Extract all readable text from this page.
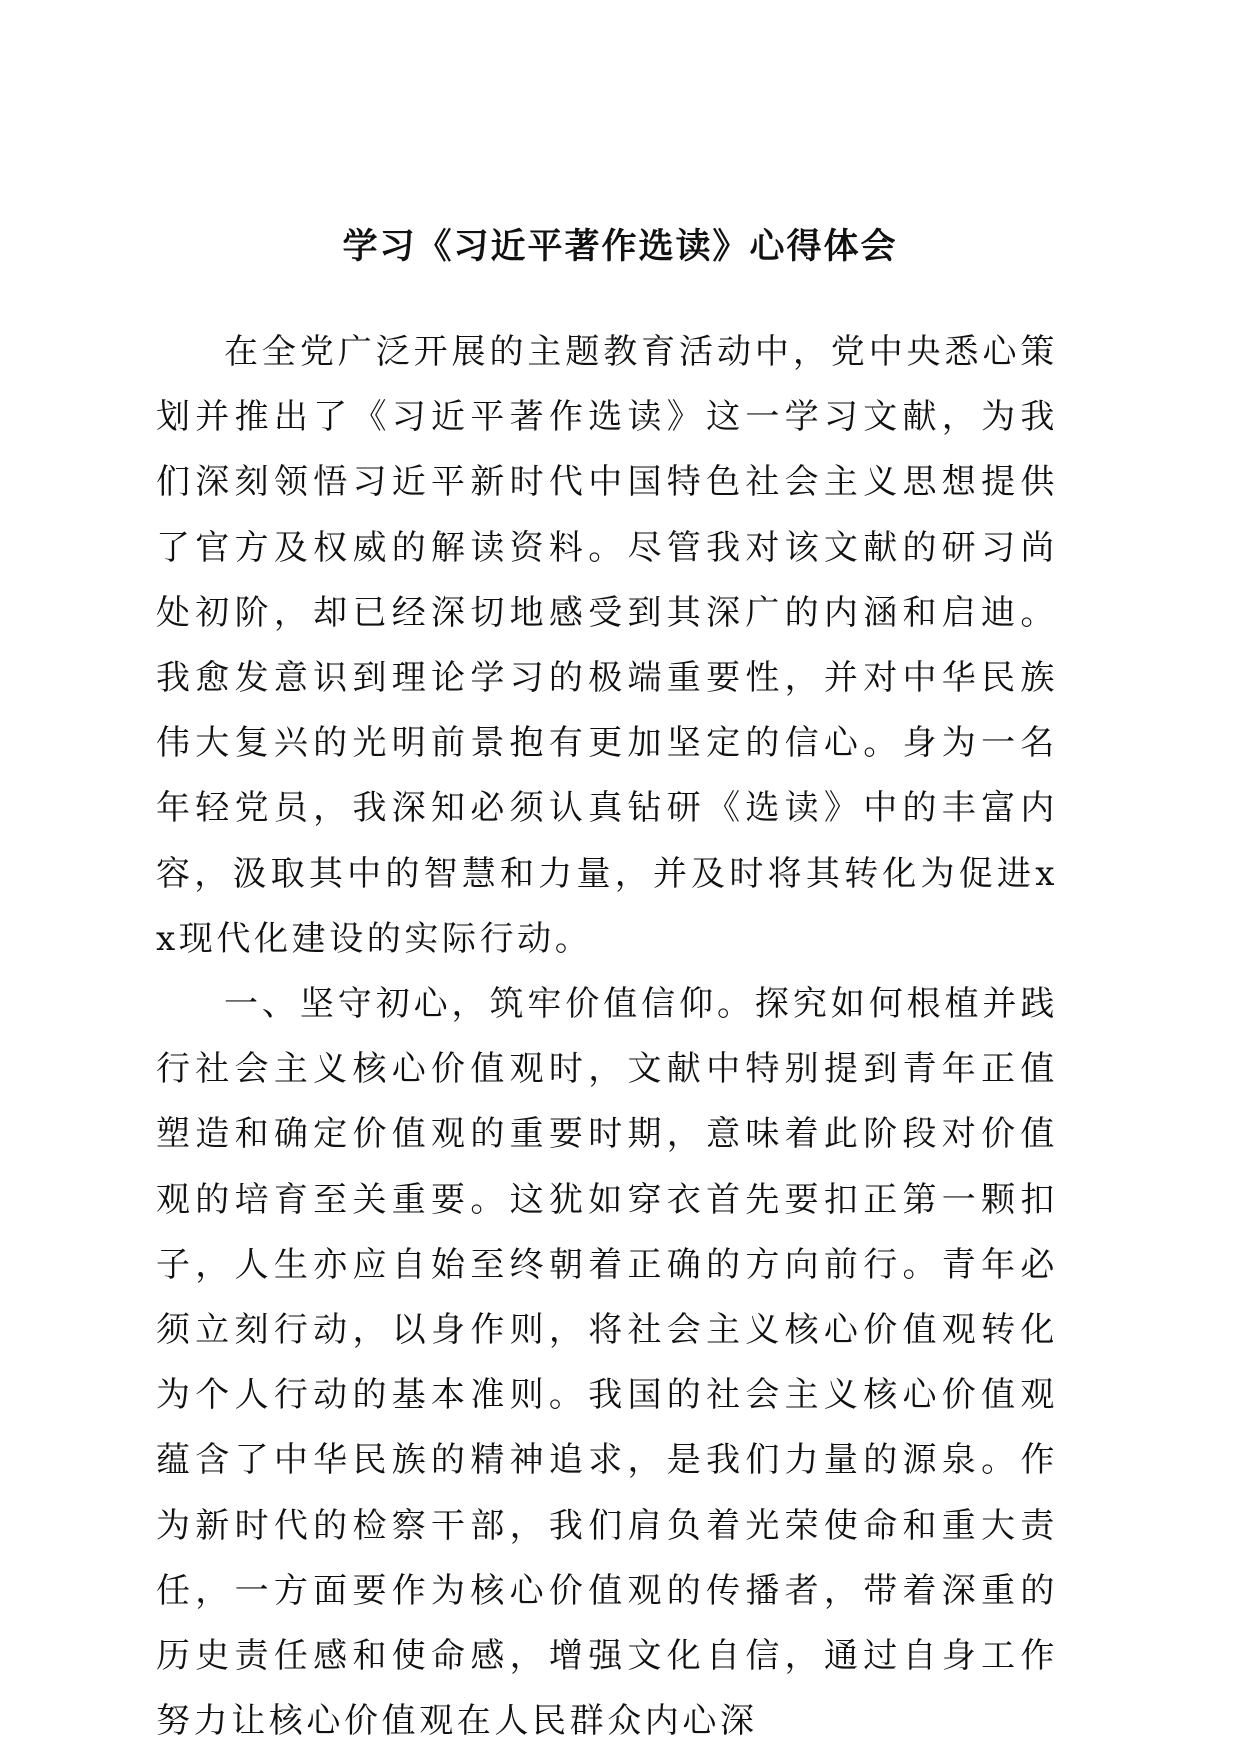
学习《习近平著作选读》心得体会

在全党广泛开展的主题教育活动中，党中央悉心策划并推出了《习近平著作选读》这一学习文献，为我们深刻领悟习近平新时代中国特色社会主义思想提供了官方及权威的解读资料。尽管我对该文献的研习尚处初阶，却已经深切地感受到其深广的内涵和启迪。我愈发意识到理论学习的极端重要性，并对中华民族伟大复兴的光明前景抱有更加坚定的信心。身为一名年轻党员，我深知必须认真钻研《选读》中的丰富内容，汲取其中的智慧和力量，并及时将其转化为促进xx现代化建设的实际行动。

一、坚守初心，筑牢价值信仰。探究如何根植并践行社会主义核心价值观时，文献中特别提到青年正值塑造和确定价值观的重要时期，意味着此阶段对价值观的培育至关重要。这犹如穿衣首先要扣正第一颗扣子，人生亦应自始至终朝着正确的方向前行。青年必须立刻行动，以身作则，将社会主义核心价值观转化为个人行动的基本准则。我国的社会主义核心价值观蕴含了中华民族的精神追求，是我们力量的源泉。作为新时代的检察干部，我们肩负着光荣使命和重大责任，一方面要作为核心价值观的传播者，带着深重的历史责任感和使命感，增强文化自信，通过自身工作努力让核心价值观在人民群众内心深
